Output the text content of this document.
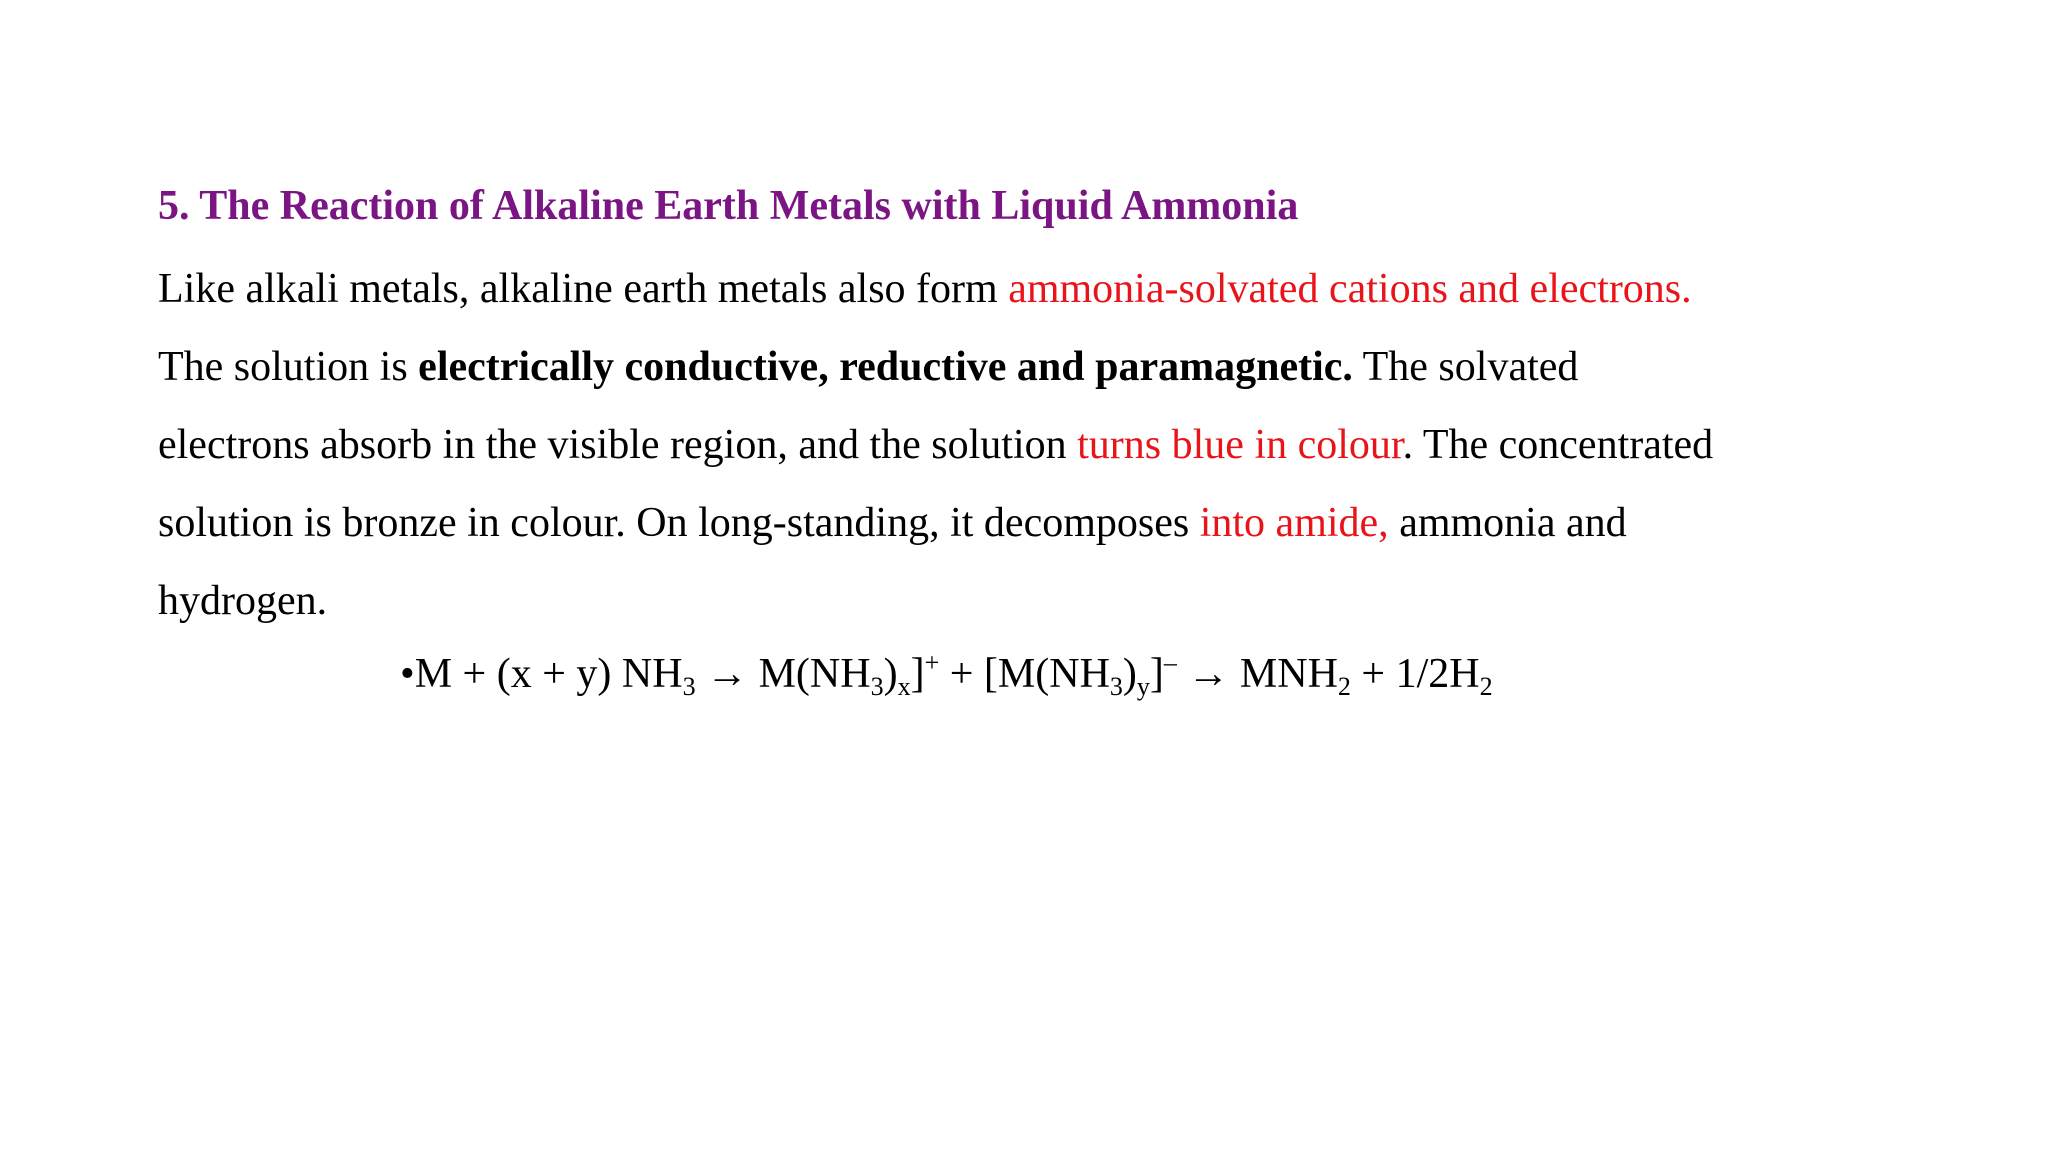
5. The Reaction of Alkaline Earth Metals with Liquid Ammonia

Like alkali metals, alkaline earth metals also form ammonia-solvated cations and electrons.

The solution is electrically conductive, reductive and paramagnetic. The solvated

electrons absorb in the visible region, and the solution turns blue in colour. The concentrated

solution is bronze in colour. On long-standing, it decomposes into amide, ammonia and

hydrogen.

•M + (x + y) $NH_3 \to M(NH_3)_x]^+ + [M(NH_3)_y]^- \to MNH_2 + 1/2H_2$
